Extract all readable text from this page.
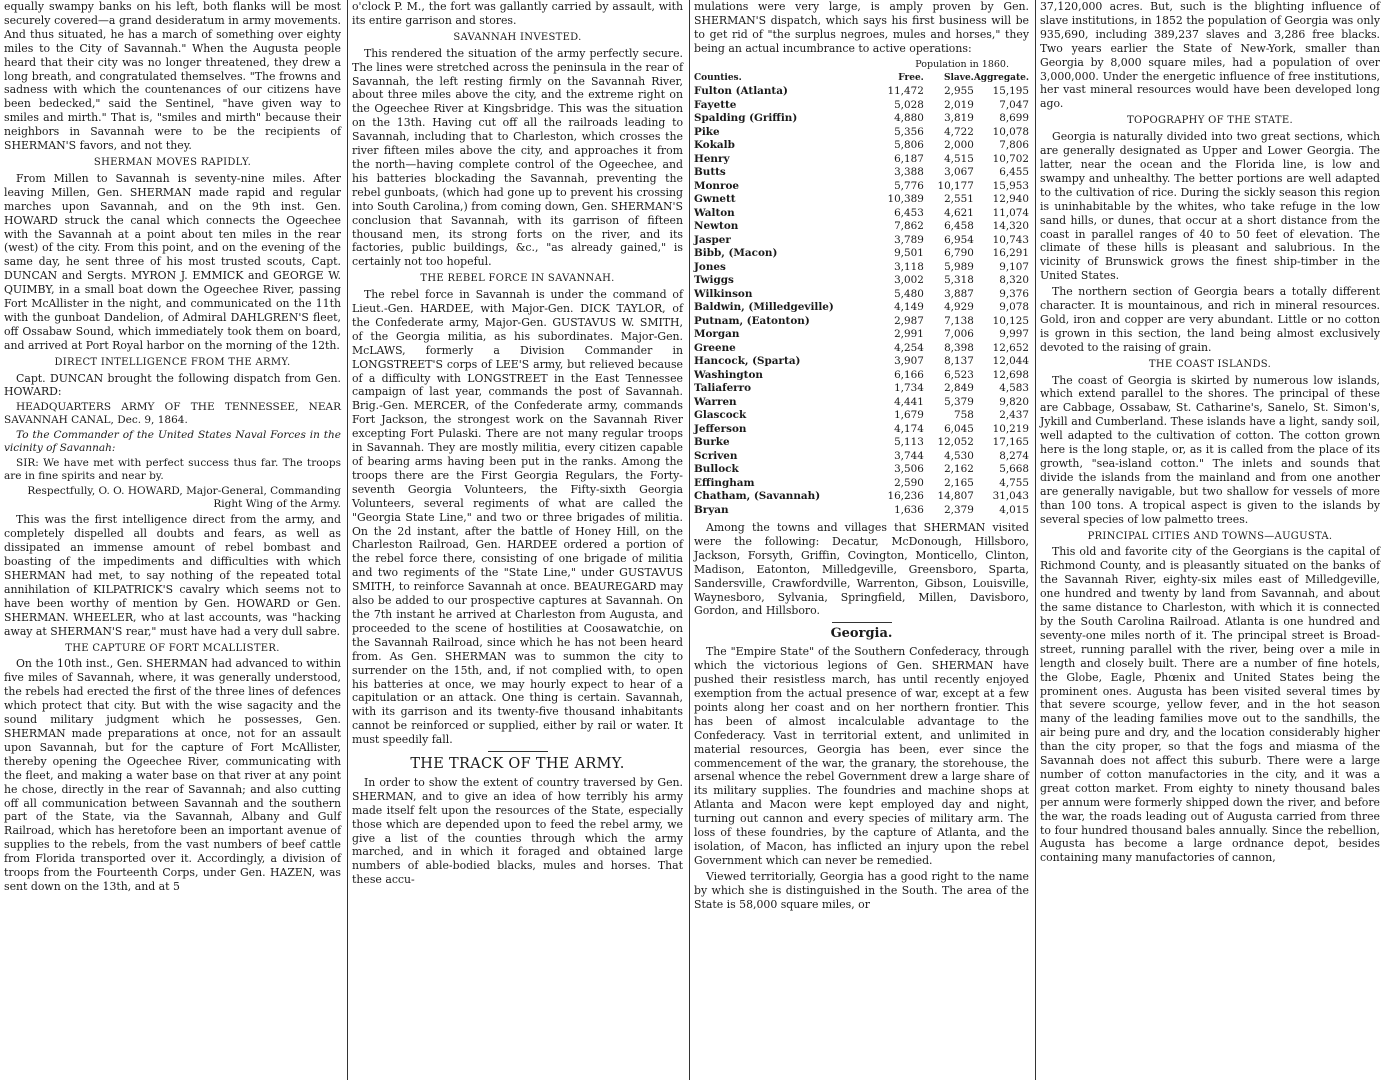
equally swampy banks on his left, both flanks will be most securely covered—a grand desideratum in army movements. And thus situated, he has a march of something over eighty miles to the City of Savannah." When the Augusta people heard that their city was no longer threatened, they drew a long breath, and congratulated themselves. "The frowns and sadness with which the countenances of our citizens have been bedecked," said the Sentinel, "have given way to smiles and mirth." That is, "smiles and mirth" because their neighbors in Savannah were to be the recipients of SHERMAN'S favors, and not they.

SHERMAN MOVES RAPIDLY.

From Millen to Savannah is seventy-nine miles. After leaving Millen, Gen. SHERMAN made rapid and regular marches upon Savannah, and on the 9th inst. Gen. HOWARD struck the canal which connects the Ogeechee with the Savannah at a point about ten miles in the rear (west) of the city. From this point, and on the evening of the same day, he sent three of his most trusted scouts, Capt. DUNCAN and Sergts. MYRON J. EMMICK and GEORGE W. QUIMBY, in a small boat down the Ogeechee River, passing Fort McAllister in the night, and communicated on the 11th with the gunboat Dandelion, of Admiral DAHLGREN'S fleet, off Ossabaw Sound, which immediately took them on board, and arrived at Port Royal harbor on the morning of the 12th.

DIRECT INTELLIGENCE FROM THE ARMY.

Capt. DUNCAN brought the following dispatch from Gen. HOWARD:

HEADQUARTERS ARMY OF THE TENNESSEE, NEAR SAVANNAH CANAL, Dec. 9, 1864.

To the Commander of the United States Naval Forces in the vicinity of Savannah:

SIR: We have met with perfect success thus far. The troops are in fine spirits and near by.

Respectfully, O. O. HOWARD, Major-General, Commanding Right Wing of the Army.

This was the first intelligence direct from the army, and completely dispelled all doubts and fears, as well as dissipated an immense amount of rebel bombast and boasting of the impediments and difficulties with which SHERMAN had met, to say nothing of the repeated total annihilation of KILPATRICK'S cavalry which seems not to have been worthy of mention by Gen. HOWARD or Gen. SHERMAN. WHEELER, who at last accounts, was "hacking away at SHERMAN'S rear," must have had a very dull sabre.

THE CAPTURE OF FORT MCALLISTER.

On the 10th inst., Gen. SHERMAN had advanced to within five miles of Savannah, where, it was generally understood, the rebels had erected the first of the three lines of defences which protect that city. But with the wise sagacity and the sound military judgment which he possesses, Gen. SHERMAN made preparations at once, not for an assault upon Savannah, but for the capture of Fort McAllister, thereby opening the Ogeechee River, communicating with the fleet, and making a water base on that river at any point he chose, directly in the rear of Savannah; and also cutting off all communication between Savannah and the southern part of the State, via the Savannah, Albany and Gulf Railroad, which has heretofore been an important avenue of supplies to the rebels, from the vast numbers of beef cattle from Florida transported over it. Accordingly, a division of troops from the Fourteenth Corps, under Gen. HAZEN, was sent down on the 13th, and at 5

o'clock P. M., the fort was gallantly carried by assault, with its entire garrison and stores.

SAVANNAH INVESTED.

This rendered the situation of the army perfectly secure. The lines were stretched across the peninsula in the rear of Savannah, the left resting firmly on the Savannah River, about three miles above the city, and the extreme right on the Ogeechee River at Kingsbridge. This was the situation on the 13th. Having cut off all the railroads leading to Savannah, including that to Charleston, which crosses the river fifteen miles above the city, and approaches it from the north—having complete control of the Ogeechee, and his batteries blockading the Savannah, preventing the rebel gunboats, (which had gone up to prevent his crossing into South Carolina,) from coming down, Gen. SHERMAN'S conclusion that Savannah, with its garrison of fifteen thousand men, its strong forts on the river, and its factories, public buildings, &c., "as already gained," is certainly not too hopeful.

THE REBEL FORCE IN SAVANNAH.

The rebel force in Savannah is under the command of Lieut.-Gen. HARDEE, with Major-Gen. DICK TAYLOR, of the Confederate army, Major-Gen. GUSTAVUS W. SMITH, of the Georgia militia, as his subordinates. Major-Gen. McLAWS, formerly a Division Commander in LONGSTREET'S corps of LEE'S army, but relieved because of a difficulty with LONGSTREET in the East Tennessee campaign of last year, commands the post of Savannah. Brig.-Gen. MERCER, of the Confederate army, commands Fort Jackson, the strongest work on the Savannah River excepting Fort Pulaski. There are not many regular troops in Savannah. They are mostly militia, every citizen capable of bearing arms having been put in the ranks. Among the troops there are the First Georgia Regulars, the Forty-seventh Georgia Volunteers, the Fifty-sixth Georgia Volunteers, several regiments of what are called the "Georgia State Line," and two or three brigades of militia. On the 2d instant, after the battle of Honey Hill, on the Charleston Railroad, Gen. HARDEE ordered a portion of the rebel force there, consisting of one brigade of militia and two regiments of the "State Line," under GUSTAVUS SMITH, to reinforce Savannah at once. BEAUREGARD may also be added to our prospective captures at Savannah. On the 7th instant he arrived at Charleston from Augusta, and proceeded to the scene of hostilities at Coosawatchie, on the Savannah Railroad, since which he has not been heard from. As Gen. SHERMAN was to summon the city to surrender on the 15th, and, if not complied with, to open his batteries at once, we may hourly expect to hear of a capitulation or an attack. One thing is certain. Savannah, with its garrison and its twenty-five thousand inhabitants cannot be reinforced or supplied, either by rail or water. It must speedily fall.

THE TRACK OF THE ARMY.

In order to show the extent of country traversed by Gen. SHERMAN, and to give an idea of how terribly his army made itself felt upon the resources of the State, especially those which are depended upon to feed the rebel army, we give a list of the counties through which the army marched, and in which it foraged and obtained large numbers of able-bodied blacks, mules and horses. That these accu-

mulations were very large, is amply proven by Gen. SHERMAN'S dispatch, which says his first business will be to get rid of "the surplus negroes, mules and horses," they being an actual incumbrance to active operations:

Population in 1860.
Counties.	Free.	Slave.	Aggregate.
Fulton (Atlanta)	11,472	2,955	15,195
Fayette	5,028	2,019	7,047
Spalding (Griffin)	4,880	3,819	8,699
Pike	5,356	4,722	10,078
Kokalb	5,806	2,000	7,806
Henry	6,187	4,515	10,702
Butts	3,388	3,067	6,455
Monroe	5,776	10,177	15,953
Gwnett	10,389	2,551	12,940
Walton	6,453	4,621	11,074
Newton	7,862	6,458	14,320
Jasper	3,789	6,954	10,743
Bibb, (Macon)	9,501	6,790	16,291
Jones	3,118	5,989	9,107
Twiggs	3,002	5,318	8,320
Wilkinson	5,480	3,887	9,376
Baldwin, (Milledgeville)	4,149	4,929	9,078
Putnam, (Eatonton)	2,987	7,138	10,125
Morgan	2,991	7,006	9,997
Greene	4,254	8,398	12,652
Hancock, (Sparta)	3,907	8,137	12,044
Washington	6,166	6,523	12,698
Taliaferro	1,734	2,849	4,583
Warren	4,441	5,379	9,820
Glascock	1,679	758	2,437
Jefferson	4,174	6,045	10,219
Burke	5,113	12,052	17,165
Scriven	3,744	4,530	8,274
Bullock	3,506	2,162	5,668
Effingham	2,590	2,165	4,755
Chatham, (Savannah)	16,236	14,807	31,043
Bryan	1,636	2,379	4,015

Among the towns and villages that SHERMAN visited were the following: Decatur, McDonough, Hillsboro, Jackson, Forsyth, Griffin, Covington, Monticello, Clinton, Madison, Eatonton, Milledgeville, Greensboro, Sparta, Sandersville, Crawfordville, Warrenton, Gibson, Louisville, Waynesboro, Sylvania, Springfield, Millen, Davisboro, Gordon, and Hillsboro.

Georgia.

The "Empire State" of the Southern Confederacy, through which the victorious legions of Gen. SHERMAN have pushed their resistless march, has until recently enjoyed exemption from the actual presence of war, except at a few points along her coast and on her northern frontier. This has been of almost incalculable advantage to the Confederacy. Vast in territorial extent, and unlimited in material resources, Georgia has been, ever since the commencement of the war, the granary, the storehouse, the arsenal whence the rebel Government drew a large share of its military supplies. The foundries and machine shops at Atlanta and Macon were kept employed day and night, turning out cannon and every species of military arm. The loss of these foundries, by the capture of Atlanta, and the isolation, of Macon, has inflicted an injury upon the rebel Government which can never be remedied.

Viewed territorially, Georgia has a good right to the name by which she is distinguished in the South. The area of the State is 58,000 square miles, or

37,120,000 acres. But, such is the blighting influence of slave institutions, in 1852 the population of Georgia was only 935,690, including 389,237 slaves and 3,286 free blacks. Two years earlier the State of New-York, smaller than Georgia by 8,000 square miles, had a population of over 3,000,000. Under the energetic influence of free institutions, her vast mineral resources would have been developed long ago.

TOPOGRAPHY OF THE STATE.

Georgia is naturally divided into two great sections, which are generally designated as Upper and Lower Georgia. The latter, near the ocean and the Florida line, is low and swampy and unhealthy. The better portions are well adapted to the cultivation of rice. During the sickly season this region is uninhabitable by the whites, who take refuge in the low sand hills, or dunes, that occur at a short distance from the coast in parallel ranges of 40 to 50 feet of elevation. The climate of these hills is pleasant and salubrious. In the vicinity of Brunswick grows the finest ship-timber in the United States.

The northern section of Georgia bears a totally different character. It is mountainous, and rich in mineral resources. Gold, iron and copper are very abundant. Little or no cotton is grown in this section, the land being almost exclusively devoted to the raising of grain.

THE COAST ISLANDS.

The coast of Georgia is skirted by numerous low islands, which extend parallel to the shores. The principal of these are Cabbage, Ossabaw, St. Catharine's, Sanelo, St. Simon's, Jykill and Cumberland. These islands have a light, sandy soil, well adapted to the cultivation of cotton. The cotton grown here is the long staple, or, as it is called from the place of its growth, "sea-island cotton." The inlets and sounds that divide the islands from the mainland and from one another are generally navigable, but two shallow for vessels of more than 100 tons. A tropical aspect is given to the islands by several species of low palmetto trees.

PRINCIPAL CITIES AND TOWNS—AUGUSTA.

This old and favorite city of the Georgians is the capital of Richmond County, and is pleasantly situated on the banks of the Savannah River, eighty-six miles east of Milledgeville, one hundred and twenty by land from Savannah, and about the same distance to Charleston, with which it is connected by the South Carolina Railroad. Atlanta is one hundred and seventy-one miles north of it. The principal street is Broad-street, running parallel with the river, being over a mile in length and closely built. There are a number of fine hotels, the Globe, Eagle, Phœnix and United States being the prominent ones. Augusta has been visited several times by that severe scourge, yellow fever, and in the hot season many of the leading families move out to the sandhills, the air being pure and dry, and the location considerably higher than the city proper, so that the fogs and miasma of the Savannah does not affect this suburb. There were a large number of cotton manufactories in the city, and it was a great cotton market. From eighty to ninety thousand bales per annum were formerly shipped down the river, and before the war, the roads leading out of Augusta carried from three to four hundred thousand bales annually. Since the rebellion, Augusta has become a large ordnance depot, besides containing many manufactories of cannon,
